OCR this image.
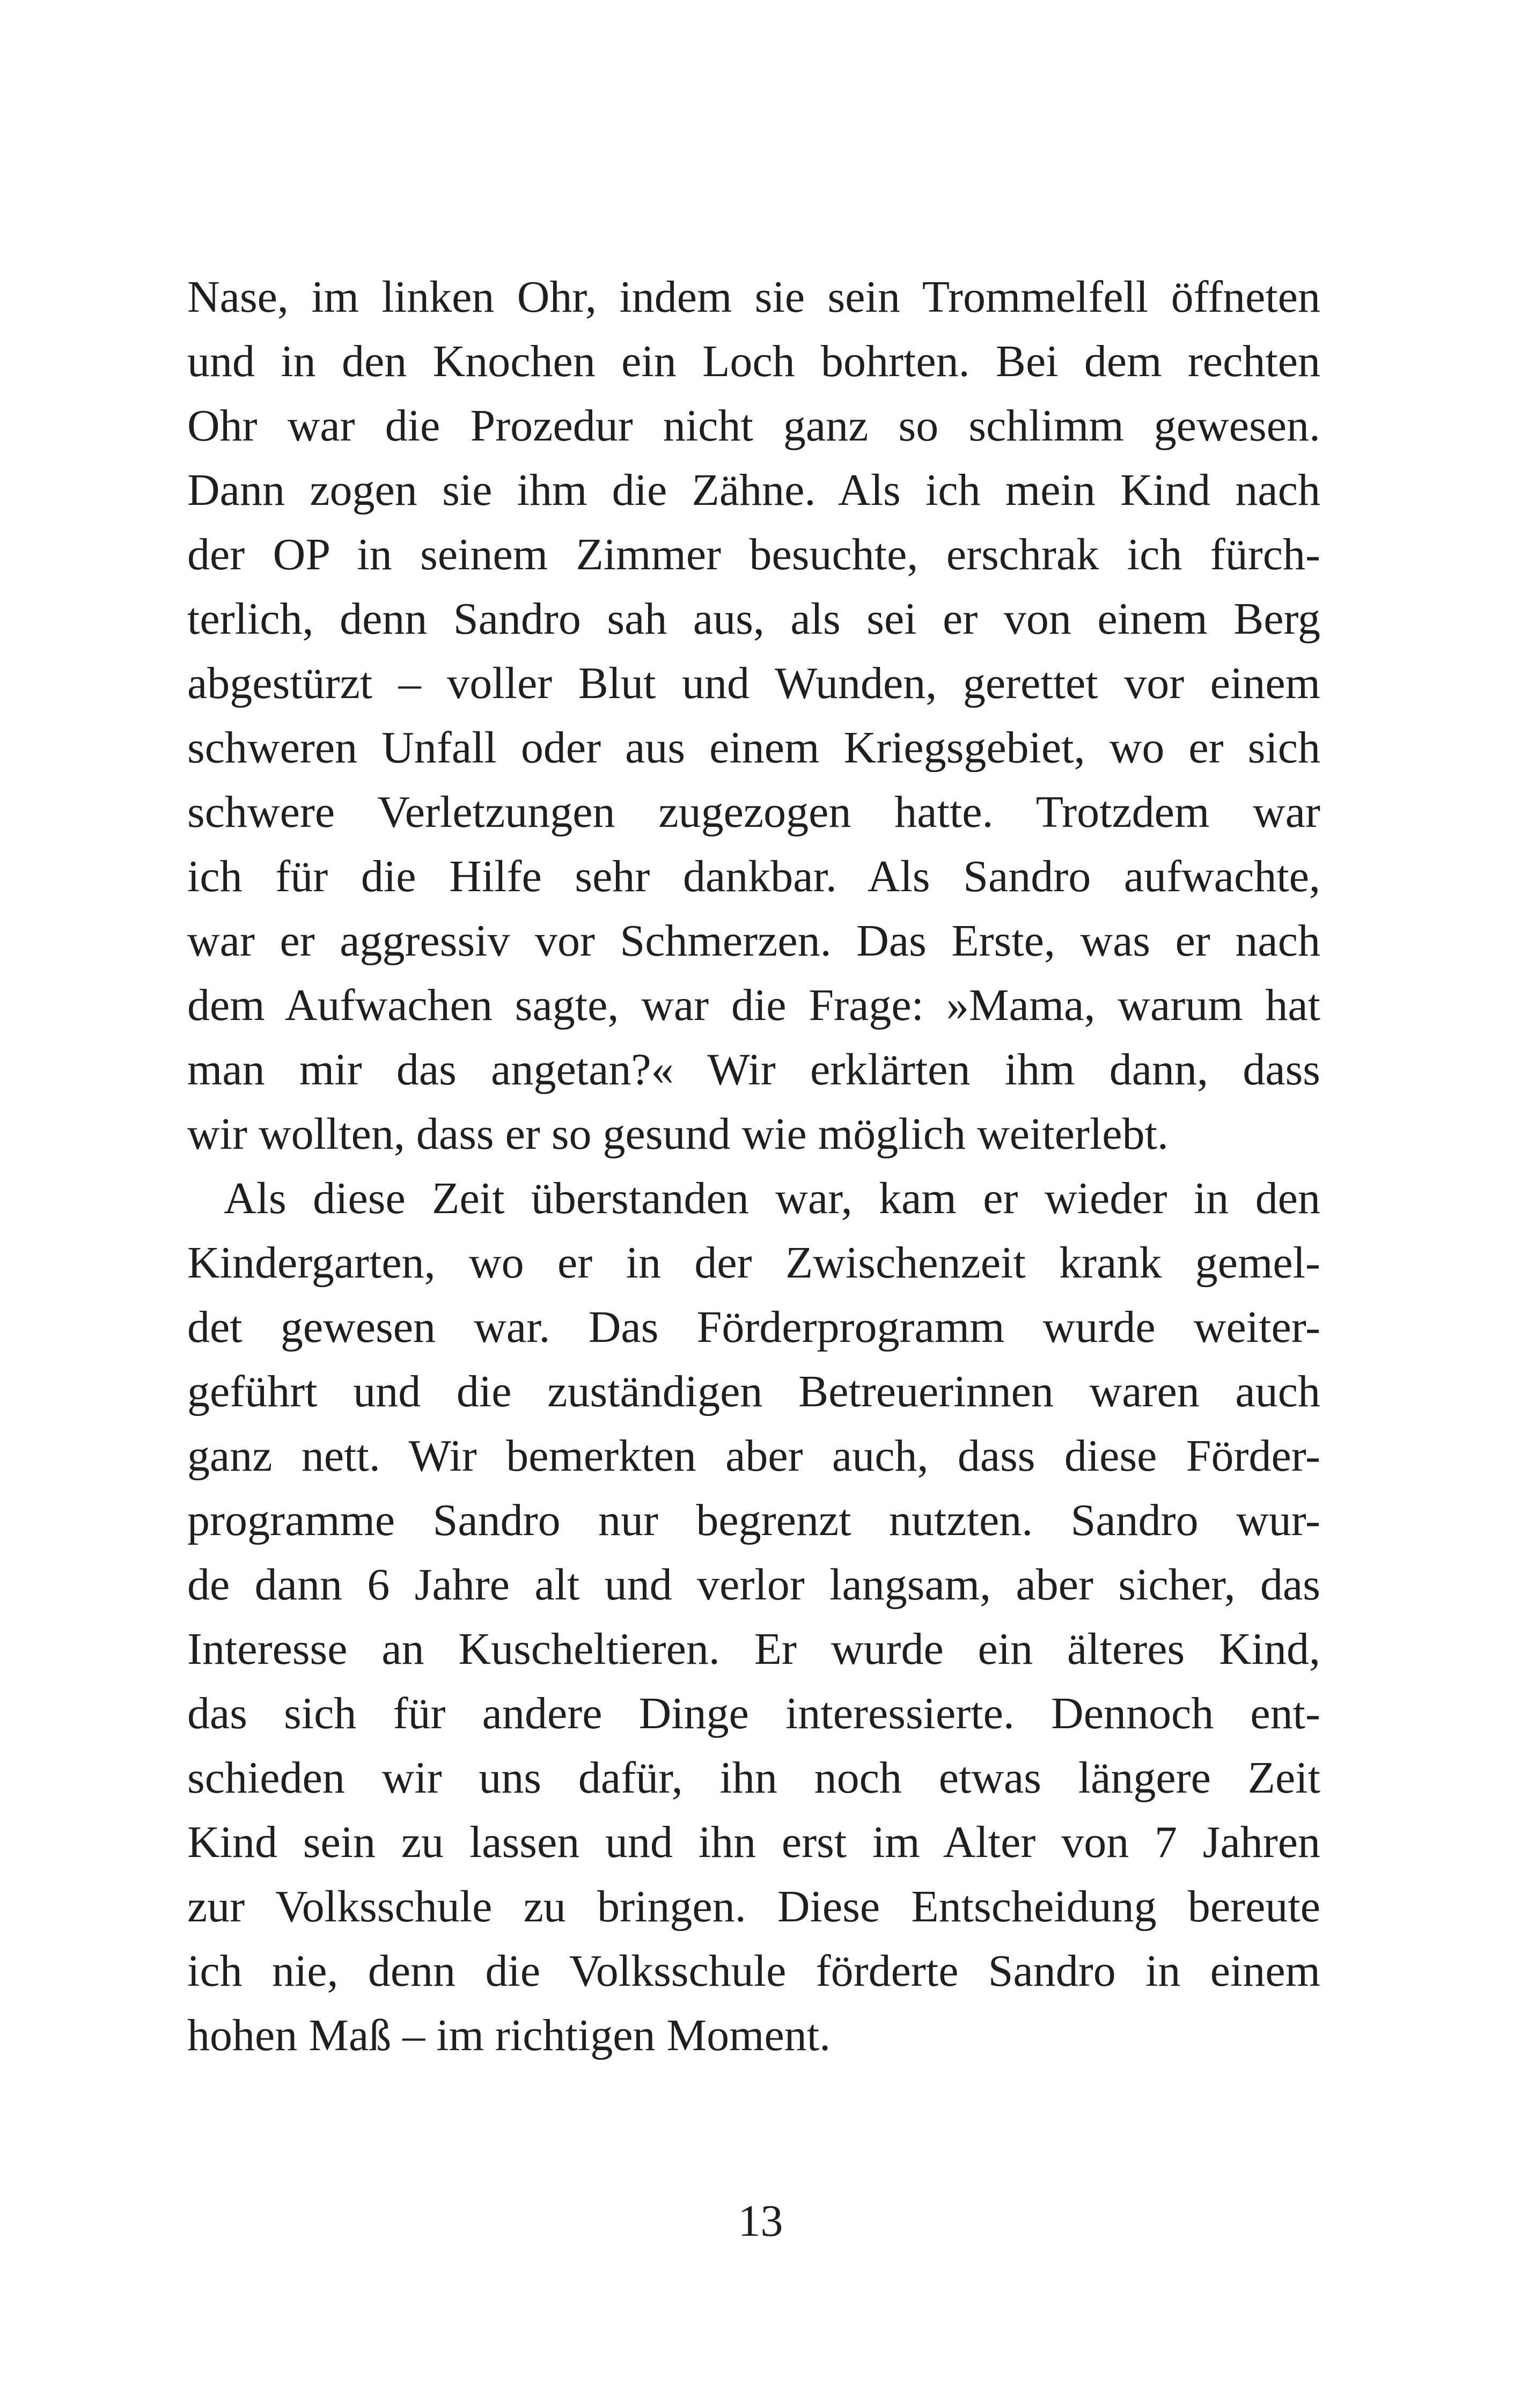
Nase, im linken Ohr, indem sie sein Trommelfell öffneten
und in den Knochen ein Loch bohrten. Bei dem rechten
Ohr war die Prozedur nicht ganz so schlimm gewesen.
Dann zogen sie ihm die Zähne. Als ich mein Kind nach
der OP in seinem Zimmer besuchte, erschrak ich fürch-
terlich, denn Sandro sah aus, als sei er von einem Berg
abgestürzt – voller Blut und Wunden, gerettet vor einem
schweren Unfall oder aus einem Kriegsgebiet, wo er sich
schwere Verletzungen zugezogen hatte. Trotzdem war
ich für die Hilfe sehr dankbar. Als Sandro aufwachte,
war er aggressiv vor Schmerzen. Das Erste, was er nach
dem Aufwachen sagte, war die Frage: »Mama, warum hat
man mir das angetan?« Wir erklärten ihm dann, dass
wir wollten, dass er so gesund wie möglich weiterlebt.
Als diese Zeit überstanden war, kam er wieder in den
Kindergarten, wo er in der Zwischenzeit krank gemel-
det gewesen war. Das Förderprogramm wurde weiter-
geführt und die zuständigen Betreuerinnen waren auch
ganz nett. Wir bemerkten aber auch, dass diese Förder-
programme Sandro nur begrenzt nutzten. Sandro wur-
de dann 6 Jahre alt und verlor langsam, aber sicher, das
Interesse an Kuscheltieren. Er wurde ein älteres Kind,
das sich für andere Dinge interessierte. Dennoch ent-
schieden wir uns dafür, ihn noch etwas längere Zeit
Kind sein zu lassen und ihn erst im Alter von 7 Jahren
zur Volksschule zu bringen. Diese Entscheidung bereute
ich nie, denn die Volksschule förderte Sandro in einem
hohen Maß – im richtigen Moment.
13
